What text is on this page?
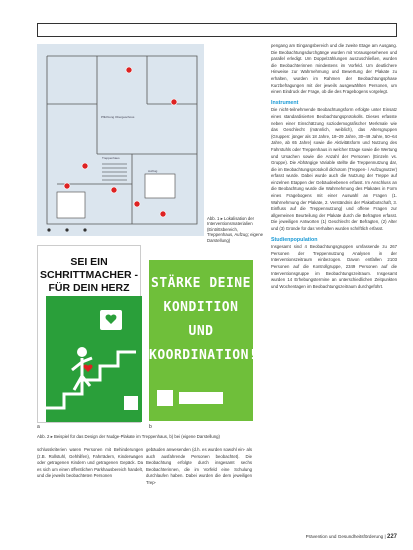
Pflichtung Obergeschoss
Treppenhaus
Aufzug
Abb. 1 ▸ Lokalisation der Interventionsmaterialien (Eintrittsbereich, Treppenhaus, Aufzug; eigene Darstellung)
SEI EIN
SCHRITTMACHER -
FÜR DEIN HERZ
a
STÄRKE DEINE
KONDITION
UND
KOORDINATION!
b
Abb. 2 ▸ Beispiel für das Design der Nudge-Plakate im Treppenhaus, b) bei (eigene Darstellung)
schlusskriterien waren Personen mit Behinderungen (z.B. Rollstuhl, Gehhilfen), Fahrrädern, Kinderwagen oder getragenen Kindern und getragenen Gepäck. Da es sich um einen öffentlichen Parkhausbereich handelt, und die jeweils beobachteten Personen
gebäuden anwesenden (d.h. es wurden sowohl ein- als auch ausfahrende Personen beobachtet). Die Beobachtung erfolgte durch insgesamt sechs Beobachterinnen, die im Vorfeld eine Schulung durchlaufen haben. Dabei wurden die dem jeweiligen Trep-
pengang am Eingangsbereich und die zweite Etage am Ausgang. Die Beobachtungsdurchgänge wurden mit Vorausgesehenen und parallel erledigt. Um Doppelzählungen auszuschließen, wurden die Beobachterinnen mindestens im Vorfeld. Um deutlichere Hinweise zur Wahrnehmung und Bewertung der Plakate zu erhalten, wurden im Rahmen der Beobachtungsphase Kurzbefragungen mit der jeweils ausgewählten Personen, um einen Eindruck der Frage, ob die des Fragebogens vorgelegt.
Instrument
Die nicht-teilnehmende Beobachtungsform erfolgte unter Einsatz eines standardisierten Beobachtungsprotokolls. Dieses erfasste neben einer Einschätzung soziodemografischer Merkmale wie das Geschlecht (männlich, weiblich), das Altersgruppen (Gruppen: jünger als 18 Jahre, 18–29 Jahre, 30–49 Jahre, 50–64 Jahre, ab 65 Jahre) sowie die Aktivitätsform und Nutzung des Fahrstuhls oder Treppenhaus in welcher Etage sowie die Wertung und Ursachen sowie die Anzahl der Personen (Einzeln vs. Gruppe). Die Abhängige Variable stellte die Treppennutzung dar, die im Beobachtungsprotokoll dichotom (Treppen- / Aufzugnutzer) erfasst wurde. Dabei wurde auch die Nutzung der Treppe auf einzelnen Etappen der Gebäudeebenen erfasst. Im Anschluss an die Beobachtung wurde die Wahrnehmung des Plakates in Form eines Fragebogens mit einer Auswahl an Fragen (1. Wahrnehmung der Plakate, 2. Verständnis der Plakatbotschaft, 3. Einfluss auf die Treppennutzung) und offene Fragen zur allgemeinen Beurteilung der Plakate durch die Befragten erfasst. Die jeweiligen Antworten (1) Geschlecht der Befragten, (2) Alter und (3) Gründe für das Verhalten wurden schriftlich erfasst.
Studienpopulation
Insgesamt sind 4 Beobachtungsgruppen umfassende zu 267 Personen der Treppennutzung Analysen in der Interventionszeitraum einbezogen. Davon entfallen 2103 Personen auf die Kontrollgruppe, 2349 Personen auf die Interventionsgruppe im Beobachtungszeitraum. Insgesamt wurden 14 Erhebungstermine an unterschiedlichen Zeitpunkten und Wochentagen im Beobachtungszeitraum durchgeführt.
Prävention und Gesundheitsförderung | 227
